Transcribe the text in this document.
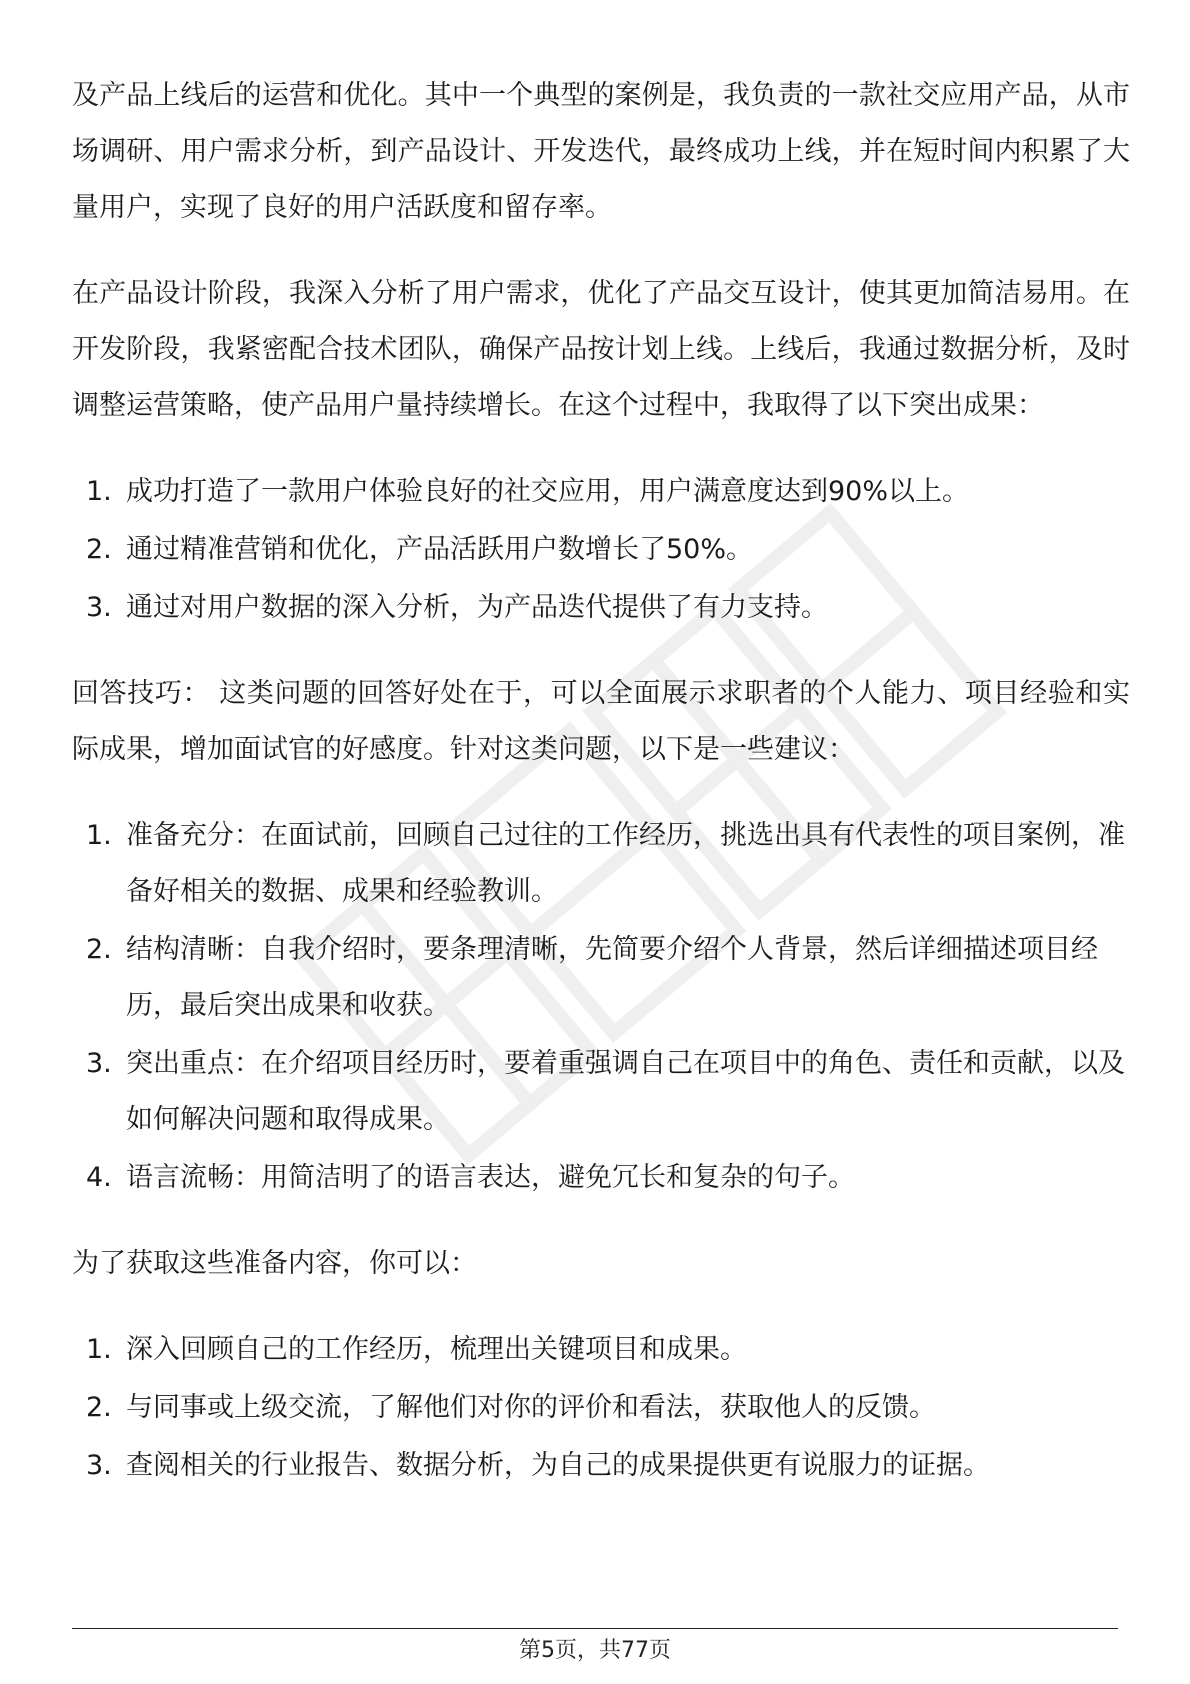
及产品上线后的运营和优化。其中一个典型的案例是，我负责的一款社交应用产品，从市场调研、用户需求分析，到产品设计、开发迭代，最终成功上线，并在短时间内积累了大量用户，实现了良好的用户活跃度和留存率。

在产品设计阶段，我深入分析了用户需求，优化了产品交互设计，使其更加简洁易用。在开发阶段，我紧密配合技术团队，确保产品按计划上线。上线后，我通过数据分析，及时调整运营策略，使产品用户量持续增长。在这个过程中，我取得了以下突出成果：

1. 成功打造了一款用户体验良好的社交应用，用户满意度达到90%以上。
2. 通过精准营销和优化，产品活跃用户数增长了50%。
3. 通过对用户数据的深入分析，为产品迭代提供了有力支持。

回答技巧： 这类问题的回答好处在于，可以全面展示求职者的个人能力、项目经验和实际成果，增加面试官的好感度。针对这类问题，以下是一些建议：

1. 准备充分：在面试前，回顾自己过往的工作经历，挑选出具有代表性的项目案例，准备好相关的数据、成果和经验教训。
2. 结构清晰：自我介绍时，要条理清晰，先简要介绍个人背景，然后详细描述项目经历，最后突出成果和收获。
3. 突出重点：在介绍项目经历时，要着重强调自己在项目中的角色、责任和贡献，以及如何解决问题和取得成果。
4. 语言流畅：用简洁明了的语言表达，避免冗长和复杂的句子。

为了获取这些准备内容，你可以：

1. 深入回顾自己的工作经历，梳理出关键项目和成果。
2. 与同事或上级交流，了解他们对你的评价和看法，获取他人的反馈。
3. 查阅相关的行业报告、数据分析，为自己的成果提供更有说服力的证据。
第5页，共77页
